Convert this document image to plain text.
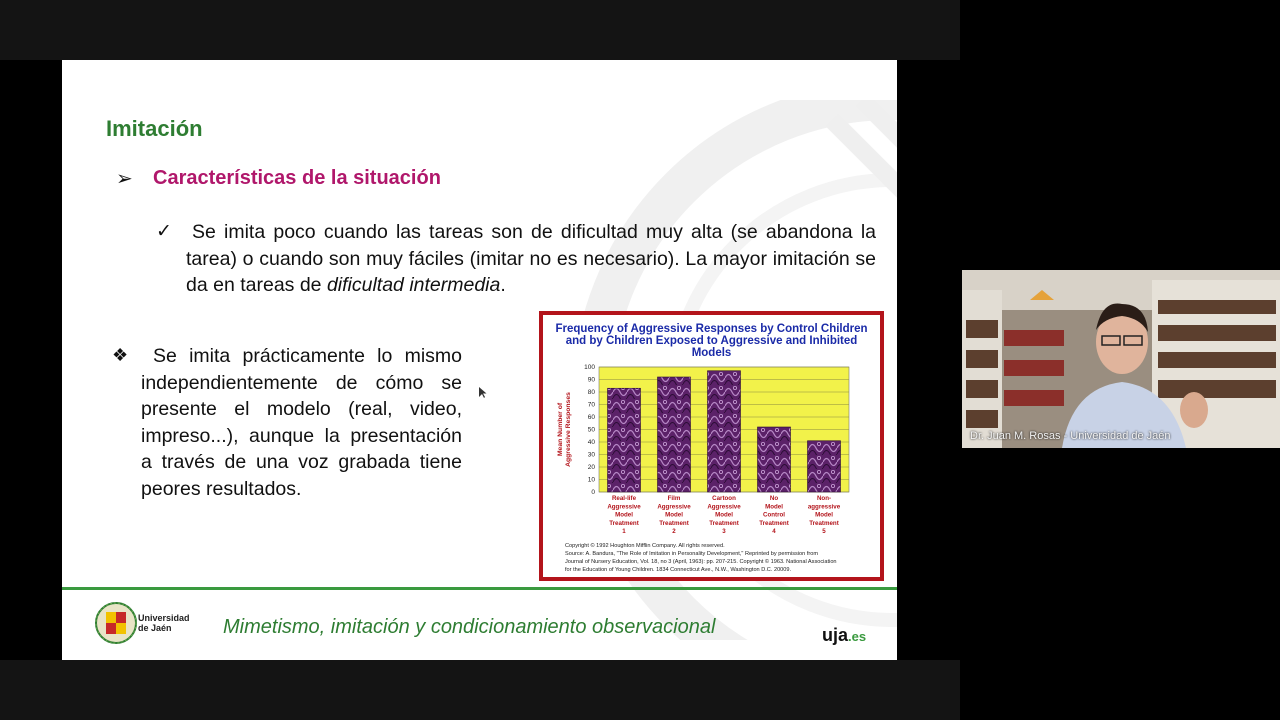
Imitación
➢ Características de la situación
✓	Se imita poco cuando las tareas son de dificultad muy alta (se abandona la tarea) o cuando son muy fáciles (imitar no es necesario). La mayor imitación se da en tareas de dificultad intermedia.

❖	Se imita prácticamente lo mismo independientemente de cómo se presente el modelo (real, video, impreso...), aunque la presentación a través de una voz grabada tiene peores resultados.

Frequency of Aggressive Responses by Control Children and by Children Exposed to Aggressive and Inhibited Models

100
90
80
70
60
50
40
30
20
10
0
Mean Number ofAggressive Responses
Real-life
Aggressive
Model
Treatment
1
Film
Aggressive
Model
Treatment
2
Cartoon
Aggressive
Model
Treatment
3
No
Model
Control
Treatment
4
Non-
aggressive
Model
Treatment
5
Copyright © 1992 Houghton Mifflin Company. All rights reserved.
Source: A. Bandura, "The Role of Imitation in Personality Development," Reprinted by permission from
Journal of Nursery Education, Vol. 18, no 3 (April, 1963): pp. 207-215. Copyright © 1963. National Association
for the Education of Young Children. 1834 Connecticut Ave., N.W., Washington D.C. 20009.
Universidad
de Jaén	Mimetismo, imitación y condicionamiento observacional	uja.es
Dr. Juan M. Rosas - Universidad de Jaén
